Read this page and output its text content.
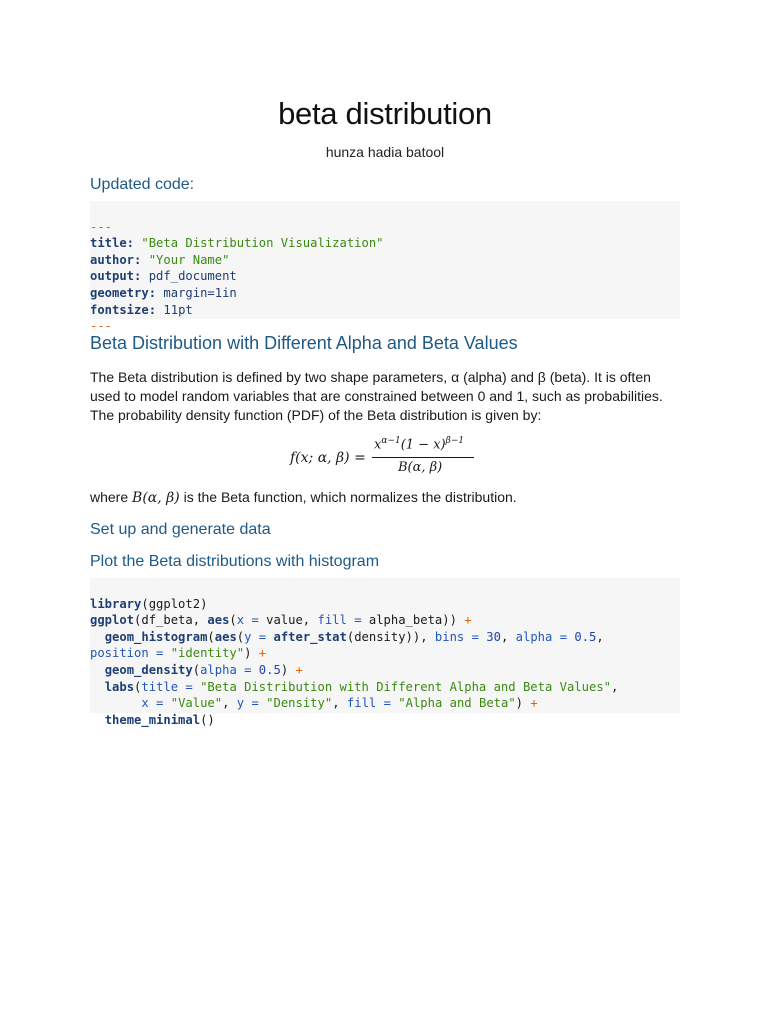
beta distribution
hunza hadia batool
Updated code:

---
title: "Beta Distribution Visualization"
author: "Your Name"
output: pdf_document
geometry: margin=1in
fontsize: 11pt
---
Beta Distribution with Different Alpha and Beta Values

The Beta distribution is defined by two shape parameters, α (alpha) and β (beta). It is often used to model random variables that are constrained between 0 and 1, such as probabilities. The probability density function (PDF) of the Beta distribution is given by:

f(x; α, β) =
$x^{\alpha-1}(1 - x)^{\beta-1}$
B(α, β)
where B(α, β) is the Beta function, which normalizes the distribution.
Set up and generate data
Plot the Beta distributions with histogram

library(ggplot2)
ggplot(df_beta, aes(x = value, fill = alpha_beta)) +
geom_histogram(aes(y = after_stat(density)), bins = 30, alpha = 0.5,
position = "identity") +
geom_density(alpha = 0.5) +
labs(title = "Beta Distribution with Different Alpha and Beta Values",
x = "Value", y = "Density", fill = "Alpha and Beta") +
theme_minimal()
